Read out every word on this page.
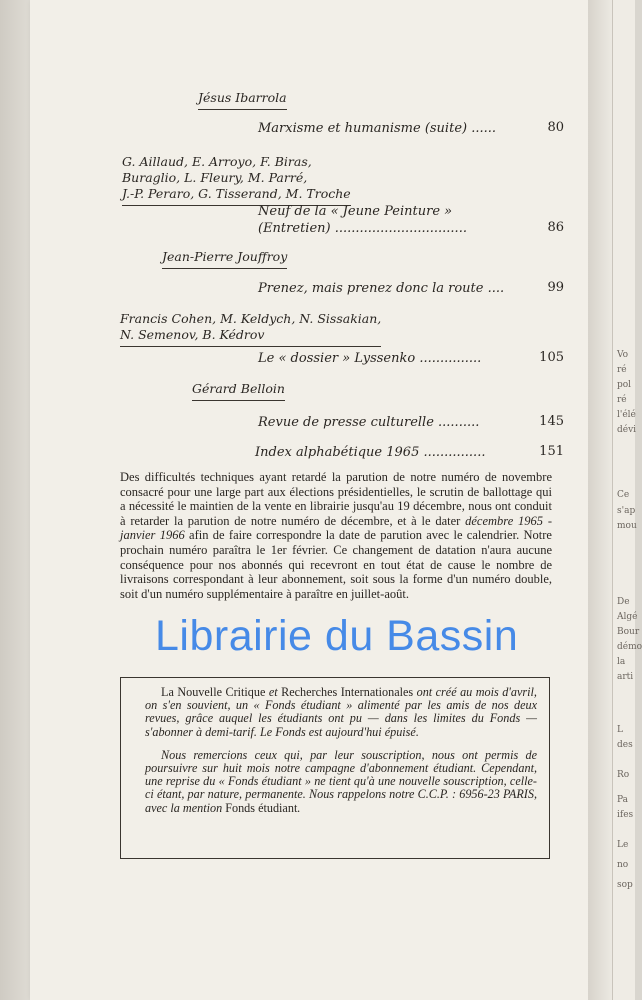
Vo
ré
pol
ré
l'élé
dévi
Ce
s'ap
mou
De
Algé
Bour
démo
la
arti
L
des
Ro
Pa
ifes
Le
no
sop
Jésus Ibarrola
Marxisme et humanisme (suite) ......	80
G. Aillaud, E. Arroyo, F. Biras,
Buraglio, L. Fleury, M. Parré,
J.-P. Peraro, G. Tisserand, M. Troche
Neuf de la « Jeune Peinture »
(Entretien) ................................	86
Jean-Pierre Jouffroy
Prenez, mais prenez donc la route ....	99
Francis Cohen, M. Keldych, N. Sissakian,
N. Semenov, B. Kédrov
Le « dossier » Lyssenko ...............	105
Gérard Belloin
Revue de presse culturelle ..........	145
Index alphabétique 1965 ...............	151
Des difficultés techniques ayant retardé la parution de notre numéro de novembre consacré pour une large part aux élections présidentielles, le scrutin de ballottage qui a nécessité le maintien de la vente en librairie jusqu'au 19 décembre, nous ont conduit à retarder la parution de notre numéro de décembre, et à le dater décembre 1965 - janvier 1966 afin de faire correspondre la date de parution avec le calendrier. Notre prochain numéro paraîtra le 1er février. Ce changement de datation n'aura aucune conséquence pour nos abonnés qui recevront en tout état de cause le nombre de livraisons correspondant à leur abonnement, soit sous la forme d'un numéro double, soit d'un numéro supplémentaire à paraître en juillet-août.

La Nouvelle Critique et Recherches Internationales ont créé au mois d'avril, on s'en souvient, un « Fonds étudiant » alimenté par les amis de nos deux revues, grâce auquel les étudiants ont pu — dans les limites du Fonds — s'abonner à demi-tarif. Le Fonds est aujourd'hui épuisé.

Nous remercions ceux qui, par leur souscription, nous ont permis de poursuivre sur huit mois notre campagne d'abonnement étudiant. Cependant, une reprise du « Fonds étudiant » ne tient qu'à une nouvelle souscription, celle-ci étant, par nature, permanente. Nous rappelons notre C.C.P. : 6956-23 PARIS, avec la mention Fonds étudiant.

Librairie du Bassin
